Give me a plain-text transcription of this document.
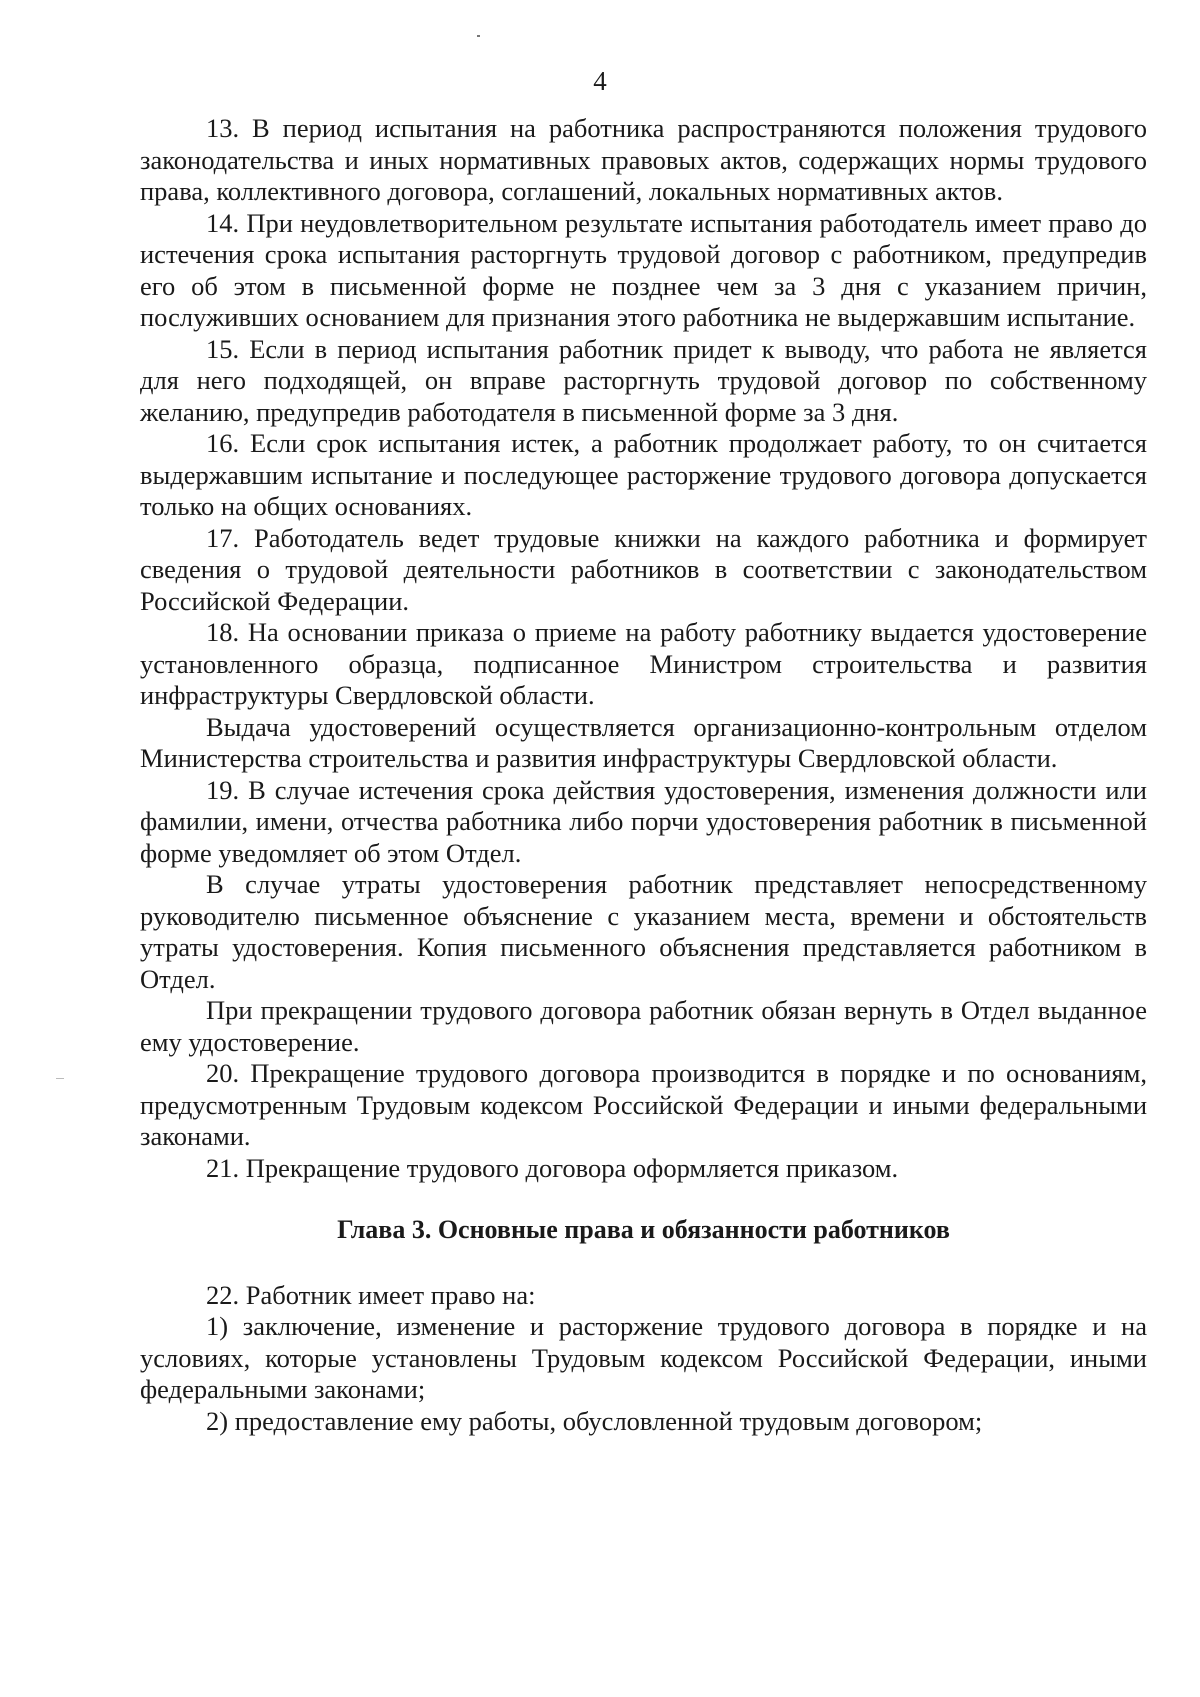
4

13. В период испытания на работника распространяются положения трудового законодательства и иных нормативных правовых актов, содержащих нормы трудового права, коллективного договора, соглашений, локальных нормативных актов.

14. При неудовлетворительном результате испытания работодатель имеет право до истечения срока испытания расторгнуть трудовой договор с работником, предупредив его об этом в письменной форме не позднее чем за 3 дня с указанием причин, послуживших основанием для признания этого работника не выдержавшим испытание.

15. Если в период испытания работник придет к выводу, что работа не является для него подходящей, он вправе расторгнуть трудовой договор по собственному желанию, предупредив работодателя в письменной форме за 3 дня.

16. Если срок испытания истек, а работник продолжает работу, то он считается выдержавшим испытание и последующее расторжение трудового договора допускается только на общих основаниях.

17. Работодатель ведет трудовые книжки на каждого работника и формирует сведения о трудовой деятельности работников в соответствии с законодательством Российской Федерации.

18. На основании приказа о приеме на работу работнику выдается удостоверение установленного образца, подписанное Министром строительства и развития инфраструктуры Свердловской области.

Выдача удостоверений осуществляется организационно-контрольным отделом Министерства строительства и развития инфраструктуры Свердловской области.

19. В случае истечения срока действия удостоверения, изменения должности или фамилии, имени, отчества работника либо порчи удостоверения работник в письменной форме уведомляет об этом Отдел.

В случае утраты удостоверения работник представляет непосредственному руководителю письменное объяснение с указанием места, времени и обстоятельств утраты удостоверения. Копия письменного объяснения представляется работником в Отдел.

При прекращении трудового договора работник обязан вернуть в Отдел выданное ему удостоверение.

20. Прекращение трудового договора производится в порядке и по основаниям, предусмотренным Трудовым кодексом Российской Федерации и иными федеральными законами.

21. Прекращение трудового договора оформляется приказом.

Глава 3. Основные права и обязанности работников

22. Работник имеет право на:

1) заключение, изменение и расторжение трудового договора в порядке и на условиях, которые установлены Трудовым кодексом Российской Федерации, иными федеральными законами;

2) предоставление ему работы, обусловленной трудовым договором;
